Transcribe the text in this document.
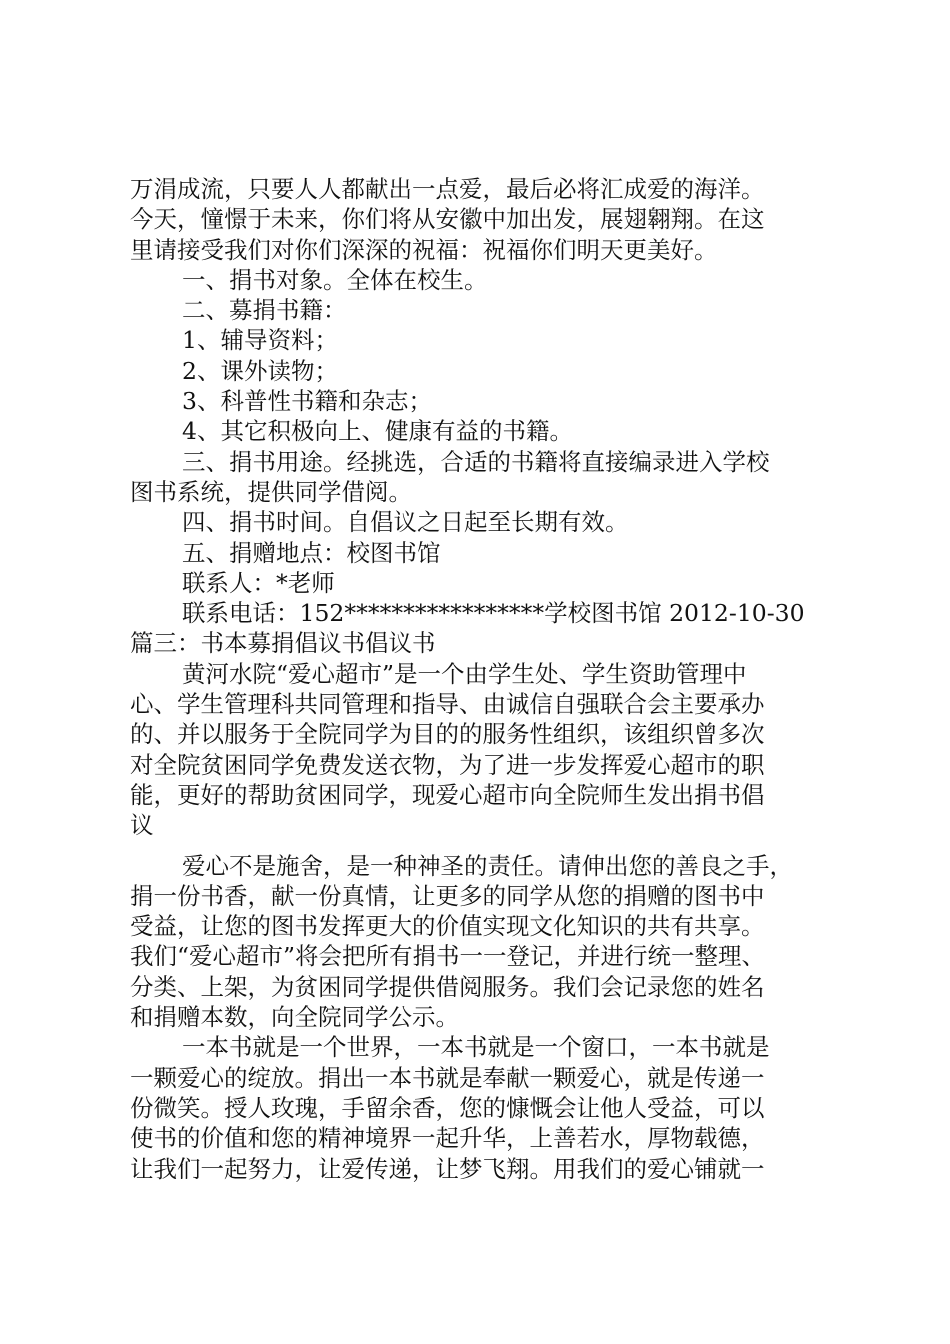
万涓成流，只要人人都献出一点爱，最后必将汇成爱的海洋。
今天，憧憬于未来，你们将从安徽中加出发，展翅翱翔。在这
里请接受我们对你们深深的祝福：祝福你们明天更美好。
一、捐书对象。全体在校生。
二、募捐书籍：
1、辅导资料；
2、课外读物；
3、科普性书籍和杂志；
4、其它积极向上、健康有益的书籍。
三、捐书用途。经挑选，合适的书籍将直接编录进入学校
图书系统，提供同学借阅。
四、捐书时间。自倡议之日起至长期有效。
五、捐赠地点：校图书馆
联系人：*老师
联系电话：152*****************学校图书馆 2012-10-30
篇三：书本募捐倡议书倡议书
黄河水院“爱心超市”是一个由学生处、学生资助管理中
心、学生管理科共同管理和指导、由诚信自强联合会主要承办
的、并以服务于全院同学为目的的服务性组织，该组织曾多次
对全院贫困同学免费发送衣物，为了进一步发挥爱心超市的职
能，更好的帮助贫困同学，现爱心超市向全院师生发出捐书倡
议
爱心不是施舍，是一种神圣的责任。请伸出您的善良之手，
捐一份书香，献一份真情，让更多的同学从您的捐赠的图书中
受益，让您的图书发挥更大的价值实现文化知识的共有共享。
我们“爱心超市”将会把所有捐书一一登记，并进行统一整理、
分类、上架，为贫困同学提供借阅服务。我们会记录您的姓名
和捐赠本数，向全院同学公示。
一本书就是一个世界，一本书就是一个窗口，一本书就是
一颗爱心的绽放。捐出一本书就是奉献一颗爱心，就是传递一
份微笑。授人玫瑰，手留余香，您的慷慨会让他人受益，可以
使书的价值和您的精神境界一起升华，上善若水，厚物载德，
让我们一起努力，让爱传递，让梦飞翔。用我们的爱心铺就一
